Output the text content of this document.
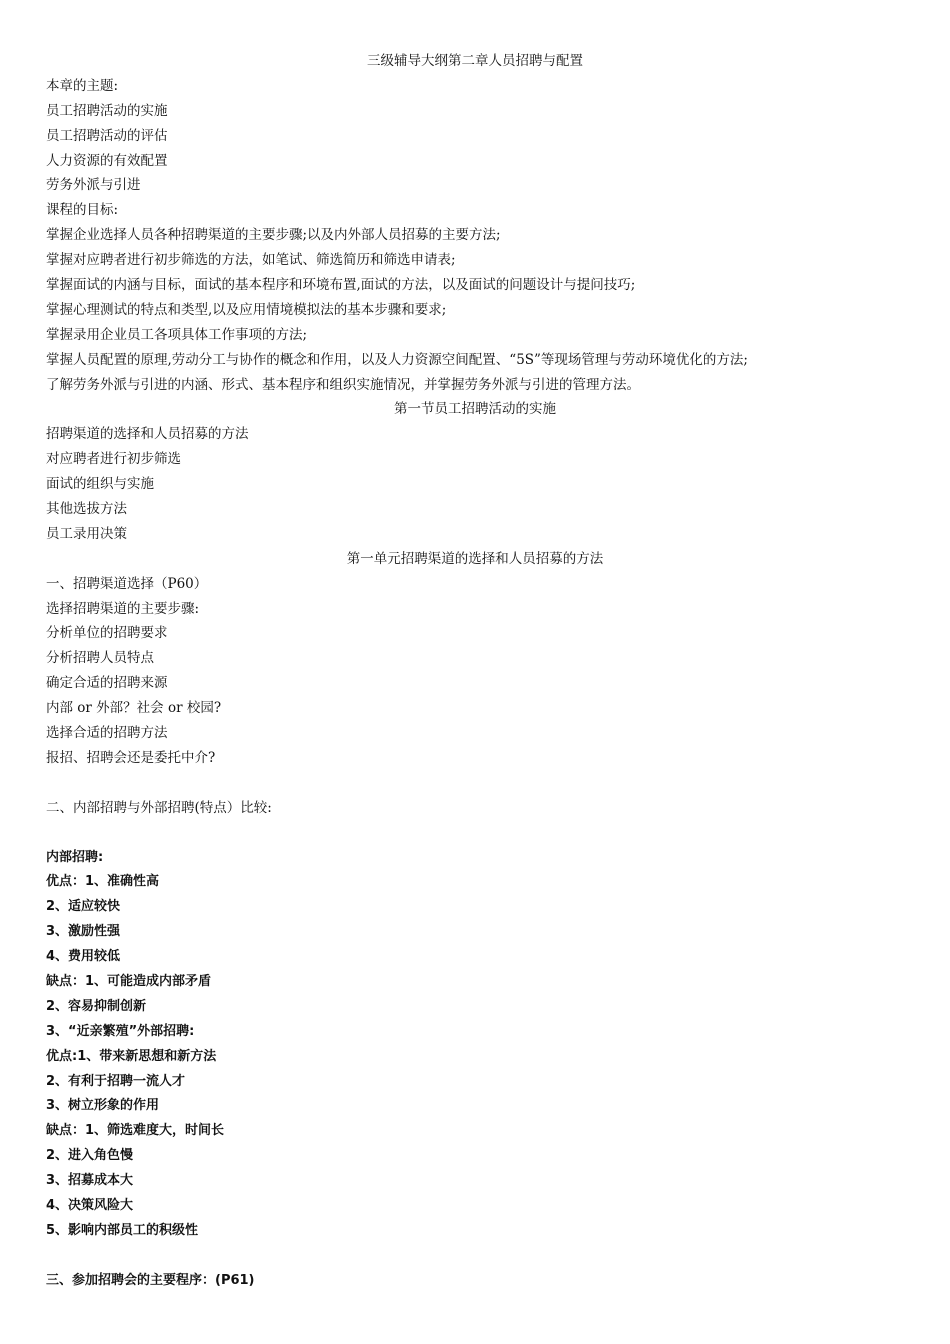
三级辅导大纲第二章人员招聘与配置
本章的主题:
员工招聘活动的实施
员工招聘活动的评估
人力资源的有效配置
劳务外派与引进
课程的目标:
掌握企业选择人员各种招聘渠道的主要步骤;以及内外部人员招募的主要方法;
掌握对应聘者进行初步筛选的方法，如笔试、筛选简历和筛选申请表;
掌握面试的内涵与目标，面试的基本程序和环境布置,面试的方法，以及面试的问题设计与提问技巧;
掌握心理测试的特点和类型,以及应用情境模拟法的基本步骤和要求;
掌握录用企业员工各项具体工作事项的方法;
掌握人员配置的原理,劳动分工与协作的概念和作用，以及人力资源空间配置、“5S”等现场管理与劳动环境优化的方法;
了解劳务外派与引进的内涵、形式、基本程序和组织实施情况，并掌握劳务外派与引进的管理方法。
第一节员工招聘活动的实施
招聘渠道的选择和人员招募的方法
对应聘者进行初步筛选
面试的组织与实施
其他选拔方法
员工录用决策
第一单元招聘渠道的选择和人员招募的方法
一、招聘渠道选择（P60）
选择招聘渠道的主要步骤:
分析单位的招聘要求
分析招聘人员特点
确定合适的招聘来源
内部 or 外部？社会 or 校园?
选择合适的招聘方法
报招、招聘会还是委托中介?
二、内部招聘与外部招聘(特点）比较:
内部招聘:
优点：1、准确性高
2、适应较快
3、激励性强
4、费用较低
缺点：1、可能造成内部矛盾
2、容易抑制创新
3、“近亲繁殖”外部招聘:
优点:1、带来新思想和新方法
2、有利于招聘一流人才
3、树立形象的作用
缺点：1、筛选难度大，时间长
2、进入角色慢
3、招募成本大
4、决策风险大
5、影响内部员工的积级性
三、参加招聘会的主要程序：(P61)
